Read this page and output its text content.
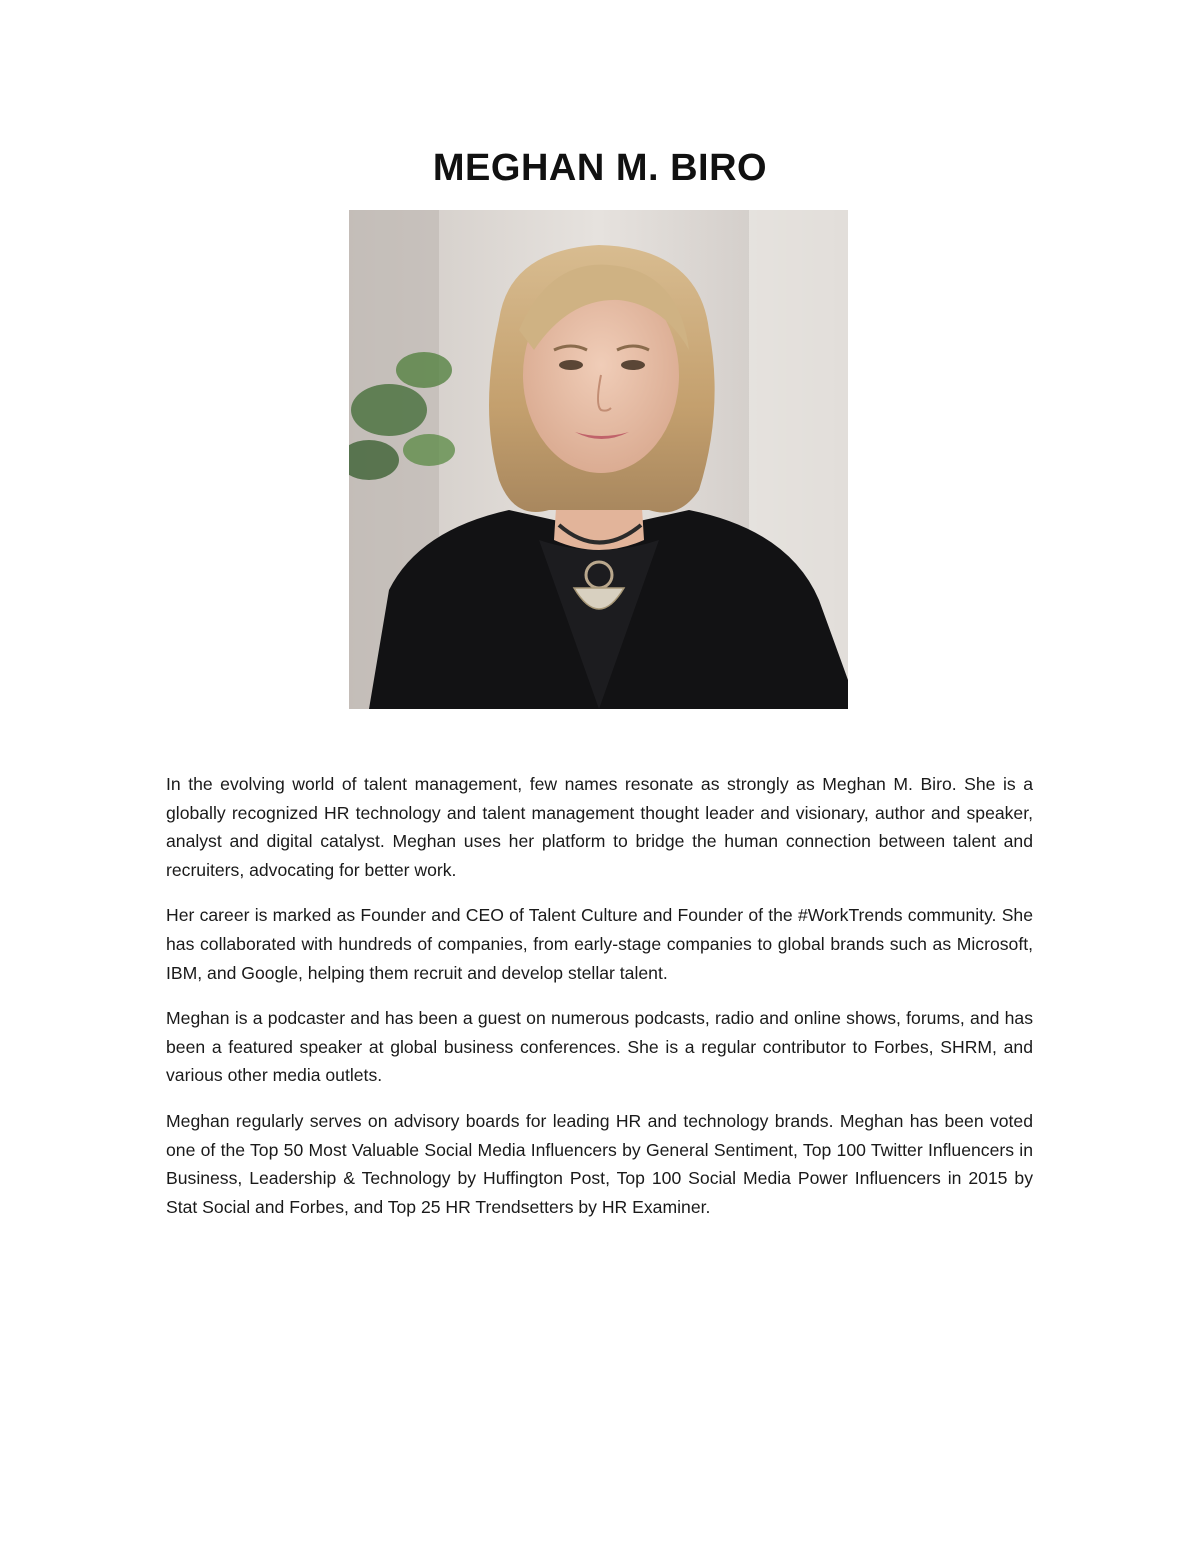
MEGHAN M. BIRO

In the evolving world of talent management, few names resonate as strongly as Meghan M. Biro. She is a globally recognized HR technology and talent management thought leader and visionary, author and speaker, analyst and digital catalyst. Meghan uses her platform to bridge the human connection between talent and recruiters, advocating for better work.

Her career is marked as Founder and CEO of Talent Culture and Founder of the #WorkTrends community. She has collaborated with hundreds of companies, from early-stage companies to global brands such as Microsoft, IBM, and Google, helping them recruit and develop stellar talent.

Meghan is a podcaster and has been a guest on numerous podcasts, radio and online shows, forums, and has been a featured speaker at global business conferences. She is a regular contributor to Forbes, SHRM, and various other media outlets.

Meghan regularly serves on advisory boards for leading HR and technology brands. Meghan has been voted one of the Top 50 Most Valuable Social Media Influencers by General Sentiment, Top 100 Twitter Influencers in Business, Leadership & Technology by Huffington Post, Top 100 Social Media Power Influencers in 2015 by Stat Social and Forbes, and Top 25 HR Trendsetters by HR Examiner.
